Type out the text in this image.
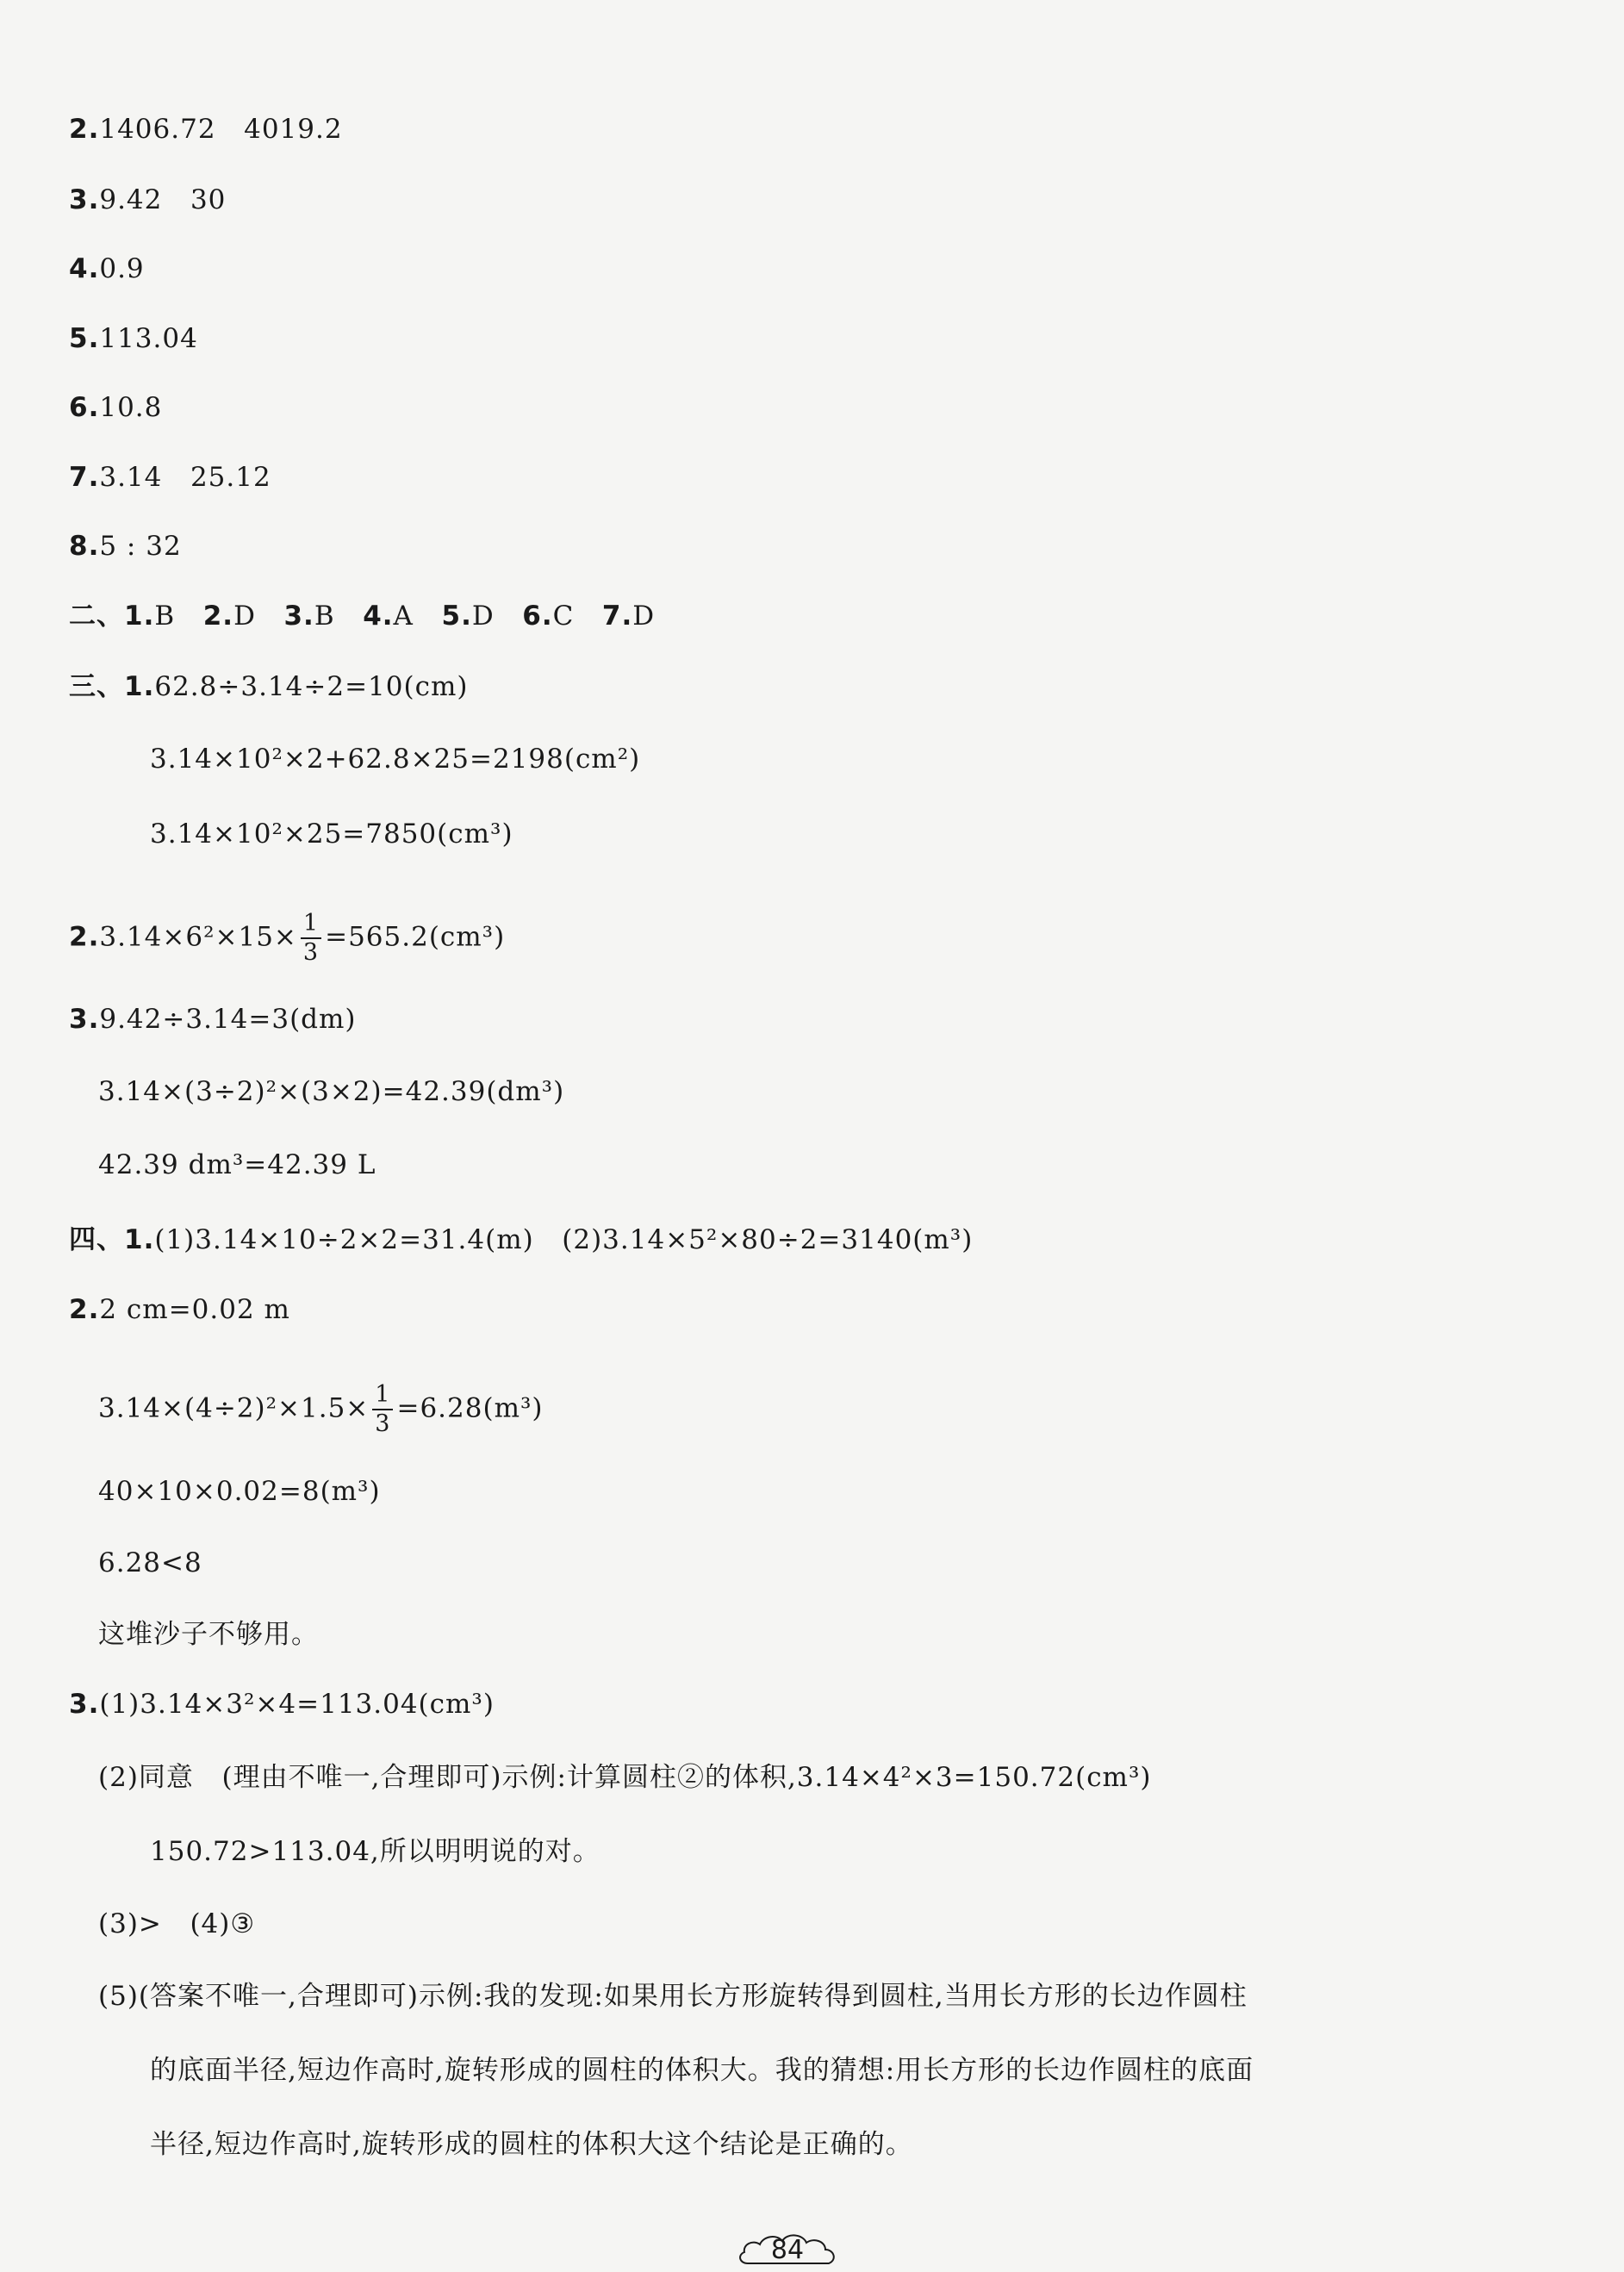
2.1406.72   4019.2
3.9.42   30
4.0.9
5.113.04
6.10.8
7.3.14   25.12
8.5 : 32
二、1.B   2.D   3.B   4.A   5.D   6.C   7.D
三、1.62.8÷3.14÷2=10(cm)
3.14×10²×2+62.8×25=2198(cm²)
3.14×10²×25=7850(cm³)
$2.3.14\times 6^2\times 15\times \frac{1}{3} =565.2(cm^3)$
3.9.42÷3.14=3(dm)
3.14×(3÷2)²×(3×2)=42.39(dm³)
42.39 dm³=42.39 L
四、1.(1)3.14×10÷2×2=31.4(m)   (2)3.14×5²×80÷2=3140(m³)
2.2 cm=0.02 m
$3.14\times(4\div 2)^2\times 1.5\times \frac{1}{3} =6.28(m^3)$
40×10×0.02=8(m³)
6.28<8
这堆沙子不够用。
3.(1)3.14×3²×4=113.04(cm³)
(2)同意   (理由不唯一,合理即可)示例:计算圆柱②的体积,3.14×4²×3=150.72(cm³)
150.72>113.04,所以明明说的对。
(3)>   (4)③
(5)(答案不唯一,合理即可)示例:我的发现:如果用长方形旋转得到圆柱,当用长方形的长边作圆柱
的底面半径,短边作高时,旋转形成的圆柱的体积大。我的猜想:用长方形的长边作圆柱的底面
半径,短边作高时,旋转形成的圆柱的体积大这个结论是正确的。
84
